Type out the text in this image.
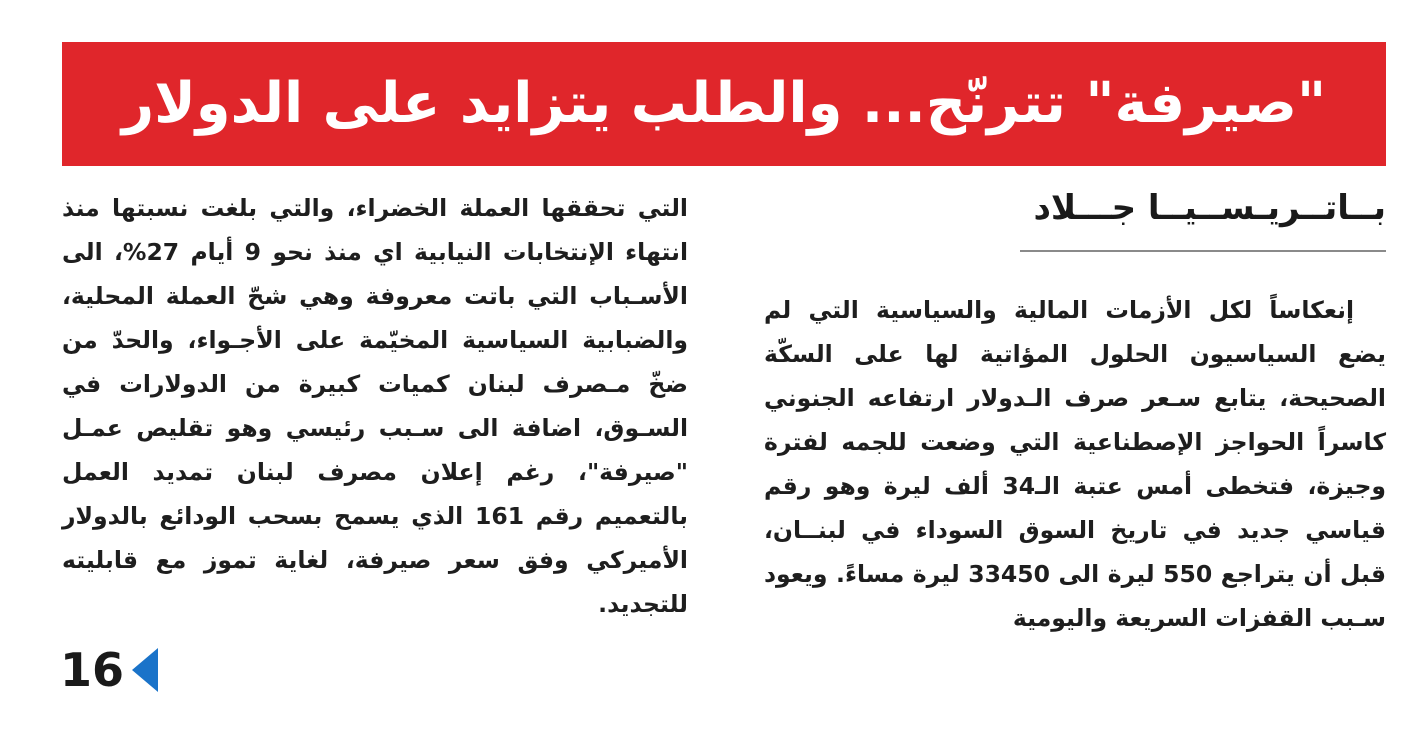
"صيرفة" تترنّح... والطلب يتزايد على الدولار
بــاتــريـســيــا جـــلاد

إنعكاساً لكل الأزمات المالية والسياسية التي لم يضع السياسيون الحلول المؤاتية لها على السكّة الصحيحة، يتابع سـعر صرف الـدولار ارتفاعه الجنوني كاسراً الحواجز الإصطناعية التي وضعت للجمه لفترة وجيزة، فتخطى أمس عتبة الـ34 ألف ليرة وهو رقم قياسي جديد في تاريخ السوق السوداء في لبنــان، قبل أن يتراجع 550 ليرة الى 33450 ليرة مساءً. ويعود سـبب القفزات السريعة واليومية

التي تحققها العملة الخضراء، والتي بلغت نسبتها منذ انتهاء الإنتخابات النيابية اي منذ نحو 9 أيام 27%، الى الأسـباب التي باتت معروفة وهي شحّ العملة المحلية، والضبابية السياسية المخيّمة على الأجـواء، والحدّ من ضخّ مـصرف لبنان كميات كبيرة من الدولارات في السـوق، اضافة الى سـبب رئيسي وهو تقليص عمـل "صيرفة"، رغم إعلان مصرف لبنان تمديد العمل بالتعميم رقم 161 الذي يسمح بسحب الودائع بالدولار الأميركي وفق سعر صيرفة، لغاية تموز مع قابليته للتجديد.

16
